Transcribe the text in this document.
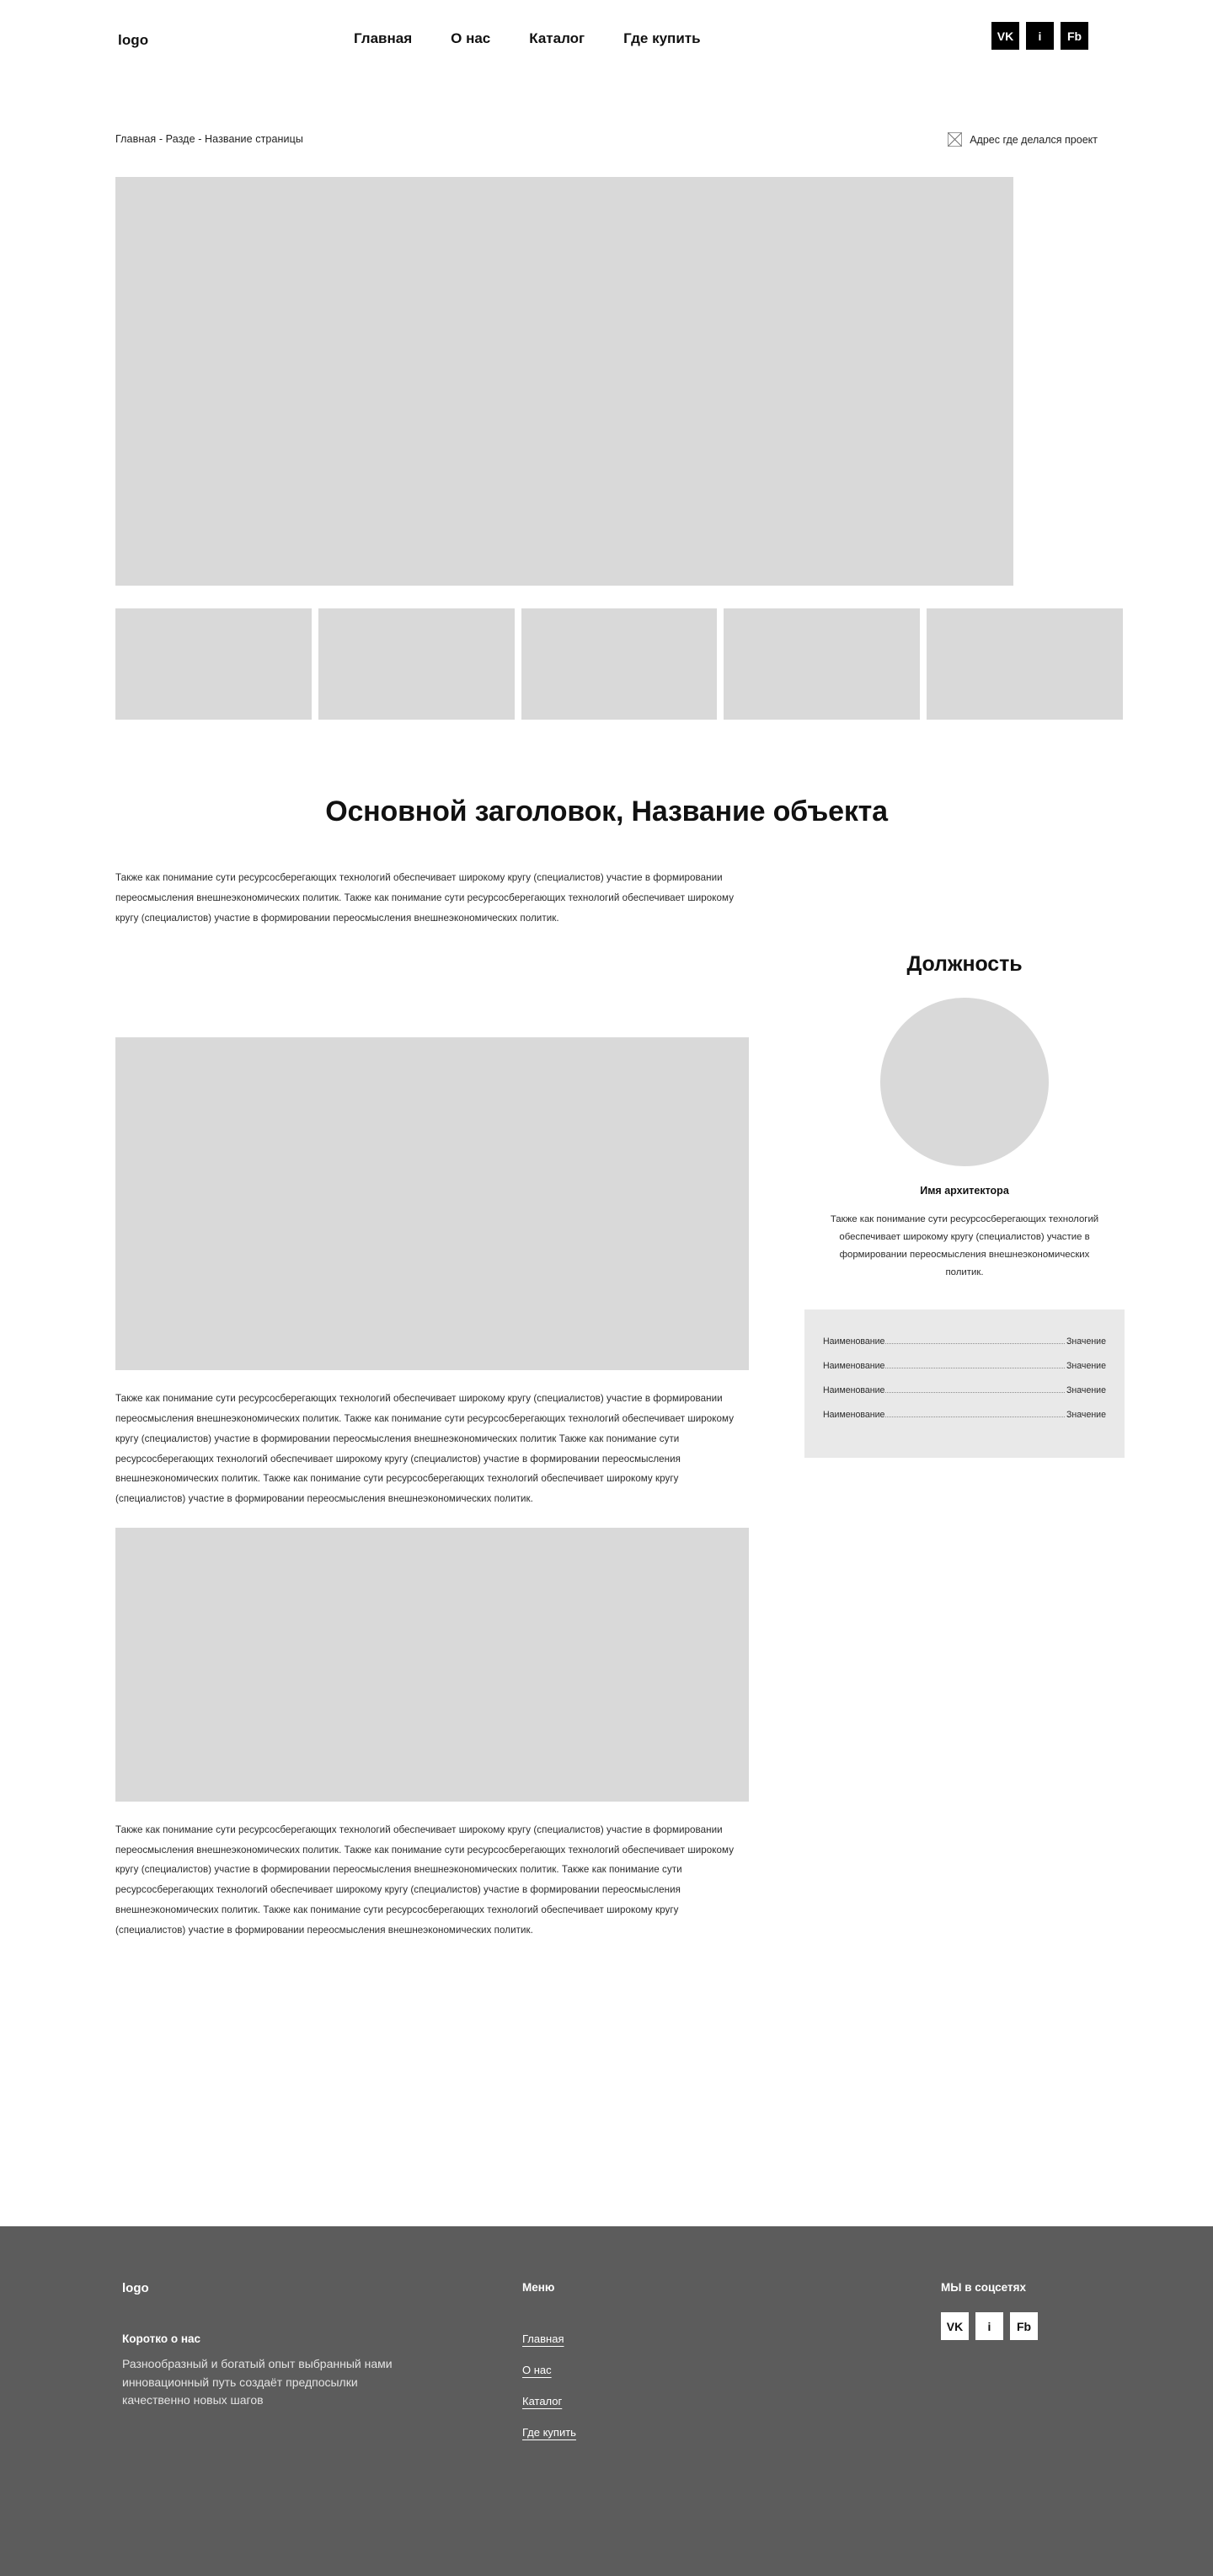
logo	Главная	О нас	Каталог	Где купить	VK	i	Fb
Главная - Разде - Название страницы	Адрес где делался проект
Основной заголовок, Название объекта

Также как понимание сути ресурсосберегающих технологий обеспечивает широкому кругу (специалистов) участие в формировании переосмысления внешнеэкономических политик. Также как понимание сути ресурсосберегающих технологий обеспечивает широкому кругу (специалистов) участие в формировании переосмысления внешнеэкономических политик.

Также как понимание сути ресурсосберегающих технологий обеспечивает широкому кругу (специалистов) участие в формировании переосмысления внешнеэкономических политик. Также как понимание сути ресурсосберегающих технологий обеспечивает широкому кругу (специалистов) участие в формировании переосмысления внешнеэкономических политик Также как понимание сути ресурсосберегающих технологий обеспечивает широкому кругу (специалистов) участие в формировании переосмысления внешнеэкономических политик. Также как понимание сути ресурсосберегающих технологий обеспечивает широкому кругу (специалистов) участие в формировании переосмысления внешнеэкономических политик.

Также как понимание сути ресурсосберегающих технологий обеспечивает широкому кругу (специалистов) участие в формировании переосмысления внешнеэкономических политик. Также как понимание сути ресурсосберегающих технологий обеспечивает широкому кругу (специалистов) участие в формировании переосмысления внешнеэкономических политик. Также как понимание сути ресурсосберегающих технологий обеспечивает широкому кругу (специалистов) участие в формировании переосмысления внешнеэкономических политик. Также как понимание сути ресурсосберегающих технологий обеспечивает широкому кругу (специалистов) участие в формировании переосмысления внешнеэкономических политик.

Должность
Имя архитектора

Также как понимание сути ресурсосберегающих технологий обеспечивает широкому кругу (специалистов) участие в формировании переосмысления внешнеэкономических политик.

Наименование	Значение
Наименование	Значение
Наименование	Значение
Наименование	Значение
logo
Коротко о нас

Разнообразный и богатый опыт выбранный нами инновационный путь создаёт предпосылки качественно новых шагов

Меню
Главная
О нас
Каталог
Где купить
МЫ в соцсетях
VK	i	Fb
